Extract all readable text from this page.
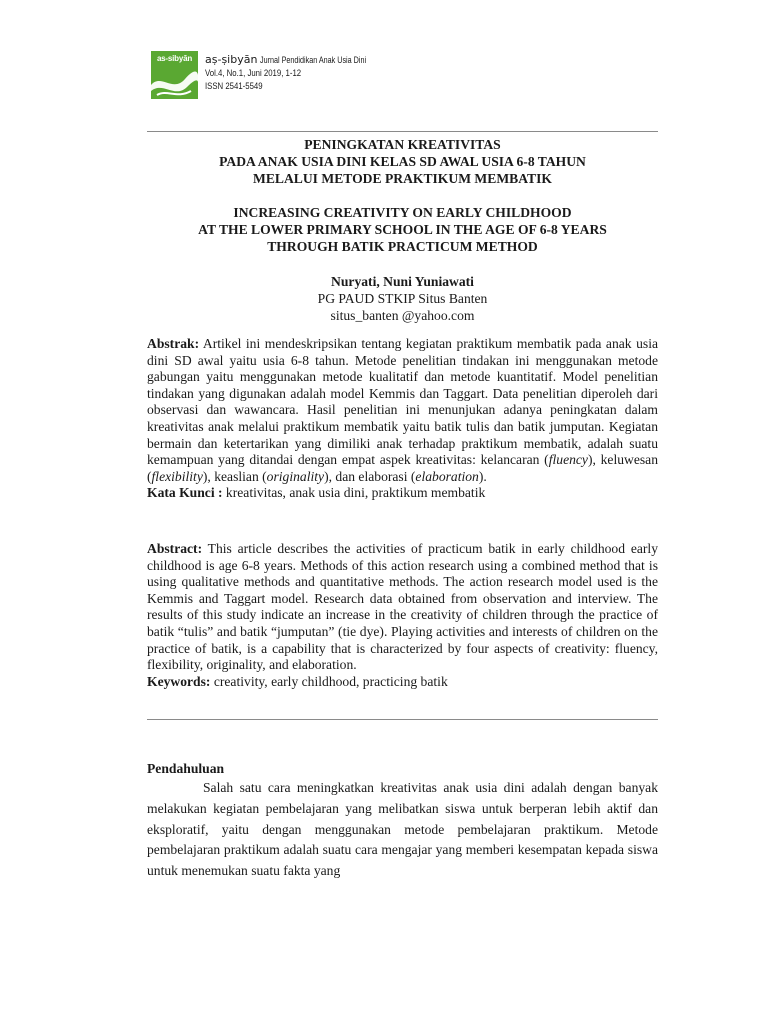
as-sibyān	aṣ-ṣibyān Jurnal Pendidikan Anak Usia Dini
Vol.4, No.1, Juni 2019, 1-12
ISSN 2541-5549
PENINGKATAN KREATIVITAS
PADA ANAK USIA DINI KELAS SD AWAL USIA 6-8 TAHUN
MELALUI METODE PRAKTIKUM MEMBATIK
INCREASING CREATIVITY ON EARLY CHILDHOOD
AT THE LOWER PRIMARY SCHOOL IN THE AGE OF 6-8 YEARS
THROUGH BATIK PRACTICUM METHOD
Nuryati, Nuni Yuniawati
PG PAUD STKIP Situs Banten
situs_banten @yahoo.com

Abstrak: Artikel ini mendeskripsikan tentang kegiatan praktikum membatik pada anak usia dini SD awal yaitu usia 6-8 tahun. Metode penelitian tindakan ini menggunakan metode gabungan yaitu menggunakan metode kualitatif dan metode kuantitatif. Model penelitian tindakan yang digunakan adalah model Kemmis dan Taggart. Data penelitian diperoleh dari observasi dan wawancara. Hasil penelitian ini menunjukan adanya peningkatan dalam kreativitas anak melalui praktikum membatik yaitu batik tulis dan batik jumputan. Kegiatan bermain dan ketertarikan yang dimiliki anak terhadap praktikum membatik, adalah suatu kemampuan yang ditandai dengan empat aspek kreativitas: kelancaran (fluency), keluwesan (flexibility), keaslian (originality), dan elaborasi (elaboration).

Kata Kunci : kreativitas, anak usia dini, praktikum membatik

Abstract: This article describes the activities of practicum batik in early childhood early childhood is age 6-8 years. Methods of this action research using a combined method that is using qualitative methods and quantitative methods. The action research model used is the Kemmis and Taggart model. Research data obtained from observation and interview. The results of this study indicate an increase in the creativity of children through the practice of batik “tulis” and batik “jumputan” (tie dye). Playing activities and interests of children on the practice of batik, is a capability that is characterized by four aspects of creativity: fluency, flexibility, originality, and elaboration.

Keywords: creativity, early childhood, practicing batik

Pendahuluan

Salah satu cara meningkatkan kreativitas anak usia dini adalah dengan banyak melakukan kegiatan pembelajaran yang melibatkan siswa untuk berperan lebih aktif dan eksploratif, yaitu dengan menggunakan metode pembelajaran praktikum. Metode pembelajaran praktikum adalah suatu cara mengajar yang memberi kesempatan kepada siswa untuk menemukan suatu fakta yang
